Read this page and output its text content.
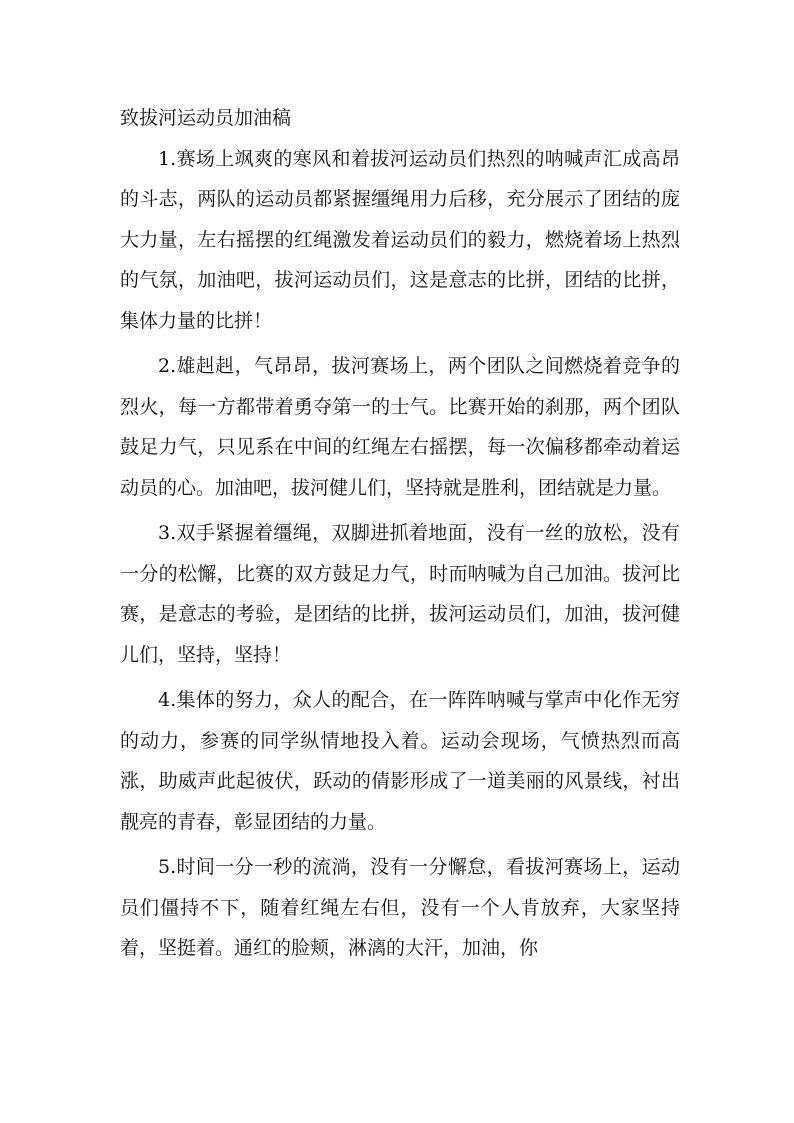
致拔河运动员加油稿

1.赛场上飒爽的寒风和着拔河运动员们热烈的呐喊声汇成高昂的斗志，两队的运动员都紧握缰绳用力后移，充分展示了团结的庞大力量，左右摇摆的红绳激发着运动员们的毅力，燃烧着场上热烈的气氛，加油吧，拔河运动员们，这是意志的比拼，团结的比拼，集体力量的比拼！

2.雄赳赳，气昂昂，拔河赛场上，两个团队之间燃烧着竞争的烈火，每一方都带着勇夺第一的士气。比赛开始的刹那，两个团队鼓足力气，只见系在中间的红绳左右摇摆，每一次偏移都牵动着运动员的心。加油吧，拔河健儿们，坚持就是胜利，团结就是力量。

3.双手紧握着缰绳，双脚进抓着地面，没有一丝的放松，没有一分的松懈，比赛的双方鼓足力气，时而呐喊为自己加油。拔河比赛，是意志的考验，是团结的比拼，拔河运动员们，加油，拔河健儿们，坚持，坚持！

4.集体的努力，众人的配合，在一阵阵呐喊与掌声中化作无穷的动力，参赛的同学纵情地投入着。运动会现场，气愤热烈而高涨，助威声此起彼伏，跃动的倩影形成了一道美丽的风景线，衬出靓亮的青春，彰显团结的力量。

5.时间一分一秒的流淌，没有一分懈怠，看拔河赛场上，运动员们僵持不下，随着红绳左右但，没有一个人肯放弃，大家坚持着，坚挺着。通红的脸颊，淋漓的大汗，加油，你
